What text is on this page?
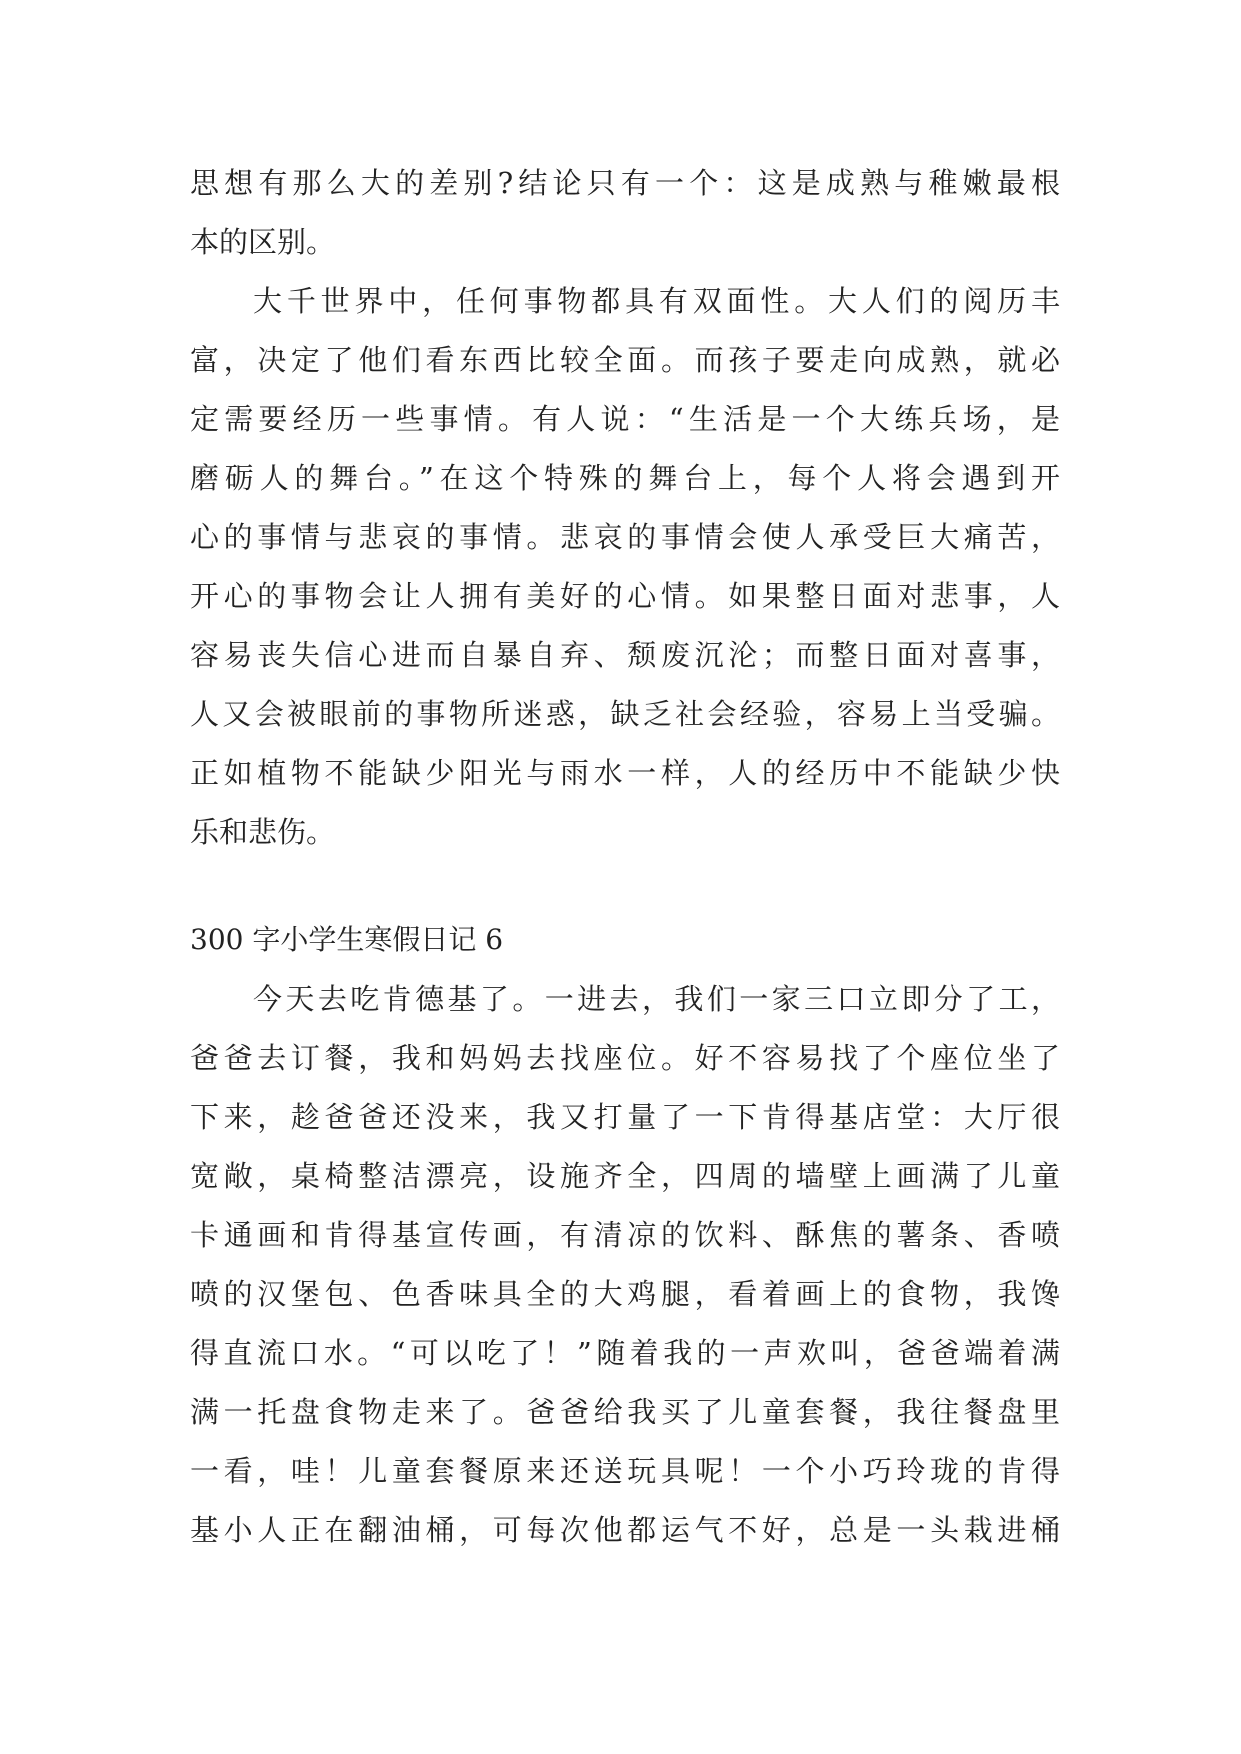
思想有那么大的差别?结论只有一个：这是成熟与稚嫩最根
本的区别。
大千世界中，任何事物都具有双面性。大人们的阅历丰
富，决定了他们看东西比较全面。而孩子要走向成熟，就必
定需要经历一些事情。有人说：“生活是一个大练兵场，是
磨砺人的舞台。”在这个特殊的舞台上，每个人将会遇到开
心的事情与悲哀的事情。悲哀的事情会使人承受巨大痛苦，
开心的事物会让人拥有美好的心情。如果整日面对悲事，人
容易丧失信心进而自暴自弃、颓废沉沦；而整日面对喜事，
人又会被眼前的事物所迷惑，缺乏社会经验，容易上当受骗。
正如植物不能缺少阳光与雨水一样，人的经历中不能缺少快
乐和悲伤。
300 字小学生寒假日记 6
今天去吃肯德基了。一进去，我们一家三口立即分了工，
爸爸去订餐，我和妈妈去找座位。好不容易找了个座位坐了
下来，趁爸爸还没来，我又打量了一下肯得基店堂：大厅很
宽敞，桌椅整洁漂亮，设施齐全，四周的墙壁上画满了儿童
卡通画和肯得基宣传画，有清凉的饮料、酥焦的薯条、香喷
喷的汉堡包、色香味具全的大鸡腿，看着画上的食物，我馋
得直流口水。“可以吃了！”随着我的一声欢叫，爸爸端着满
满一托盘食物走来了。爸爸给我买了儿童套餐，我往餐盘里
一看，哇！儿童套餐原来还送玩具呢！一个小巧玲珑的肯得
基小人正在翻油桶，可每次他都运气不好，总是一头栽进桶
